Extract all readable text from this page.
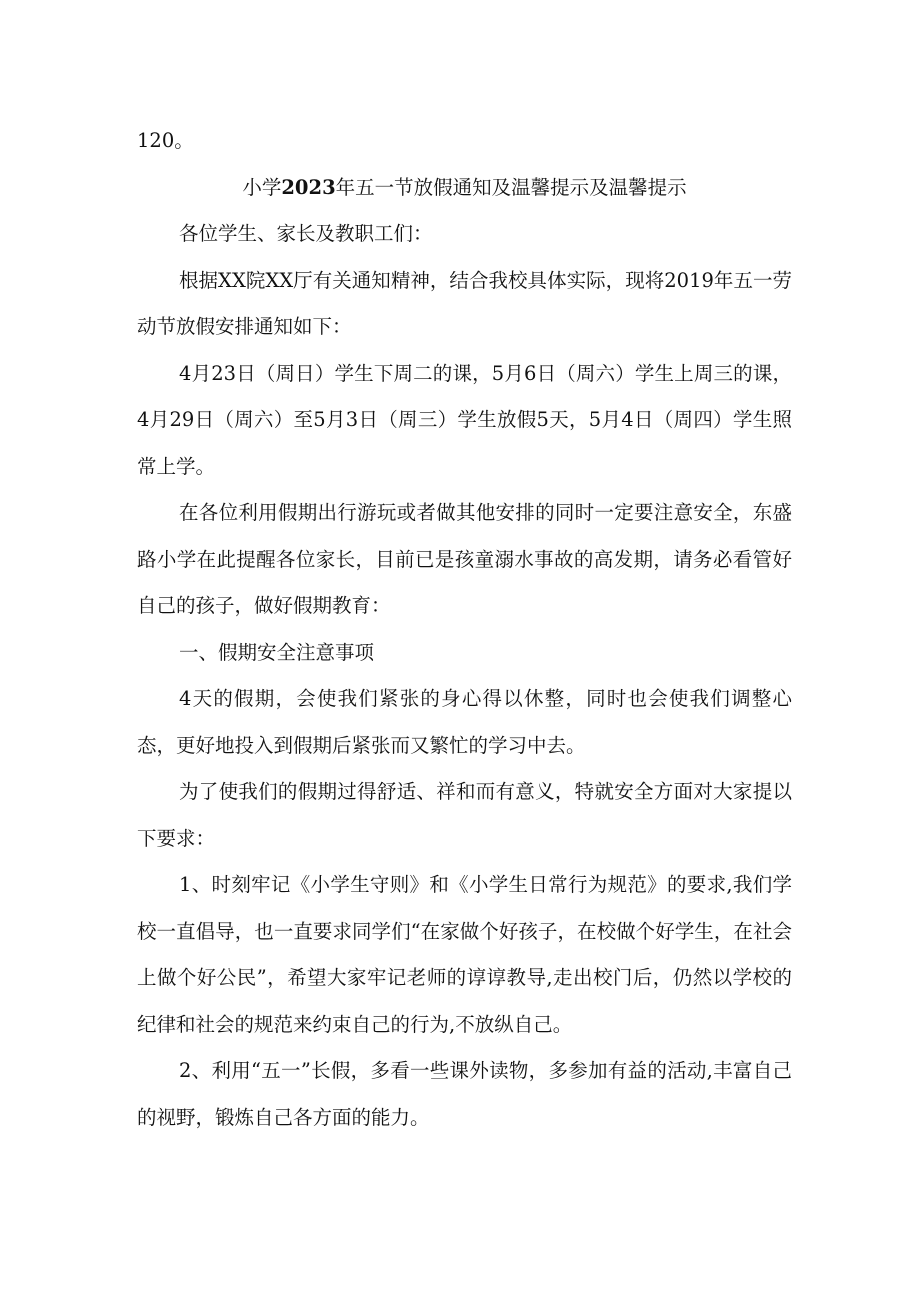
120。

小学2023年五一节放假通知及温馨提示及温馨提示

各位学生、家长及教职工们：

根据XX院XX厅有关通知精神，结合我校具体实际，现将2019年五一劳动节放假安排通知如下：

4月23日（周日）学生下周二的课，5月6日（周六）学生上周三的课，4月29日（周六）至5月3日（周三）学生放假5天，5月4日（周四）学生照常上学。

在各位利用假期出行游玩或者做其他安排的同时一定要注意安全，东盛路小学在此提醒各位家长，目前已是孩童溺水事故的高发期，请务必看管好自己的孩子，做好假期教育：

一、假期安全注意事项

4天的假期，会使我们紧张的身心得以休整，同时也会使我们调整心态，更好地投入到假期后紧张而又繁忙的学习中去。

为了使我们的假期过得舒适、祥和而有意义，特就安全方面对大家提以下要求：

1、时刻牢记《小学生守则》和《小学生日常行为规范》的要求,我们学校一直倡导，也一直要求同学们“在家做个好孩子，在校做个好学生，在社会上做个好公民”，希望大家牢记老师的谆谆教导,走出校门后，仍然以学校的纪律和社会的规范来约束自己的行为,不放纵自己。

2、利用“五一”长假，多看一些课外读物，多参加有益的活动,丰富自己的视野，锻炼自己各方面的能力。
